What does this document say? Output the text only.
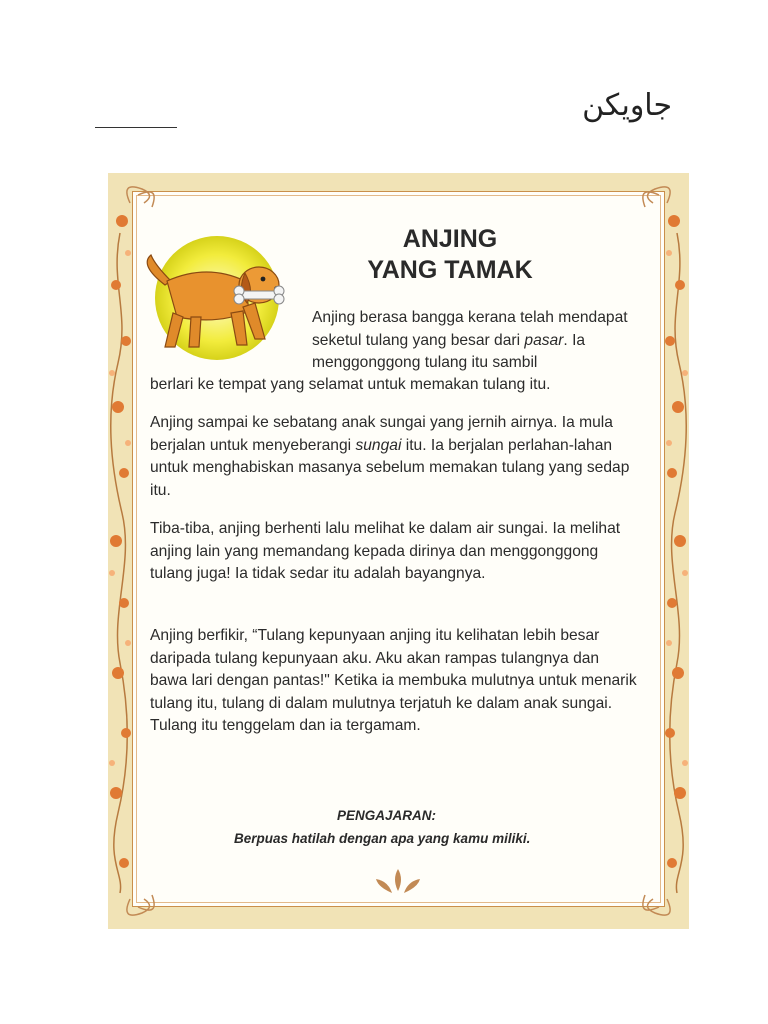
جاويكن
ANJING
YANG TAMAK

Anjing berasa bangga kerana telah mendapat seketul tulang yang besar dari pasar. Ia menggonggong tulang itu sambil

berlari ke tempat yang selamat untuk memakan tulang itu.

Anjing sampai ke sebatang anak sungai yang jernih airnya. Ia mula berjalan untuk menyeberangi sungai itu. Ia berjalan perlahan-lahan untuk menghabiskan masanya sebelum memakan tulang yang sedap itu.

Tiba-tiba, anjing berhenti lalu melihat ke dalam air sungai. Ia melihat anjing lain yang memandang kepada dirinya dan menggonggong tulang juga! Ia tidak sedar itu adalah bayangnya.

Anjing berfikir, “Tulang kepunyaan anjing itu kelihatan lebih besar daripada tulang kepunyaan aku. Aku akan rampas tulangnya dan bawa lari dengan pantas!" Ketika ia membuka mulutnya untuk menarik tulang itu, tulang di dalam mulutnya terjatuh ke dalam anak sungai. Tulang itu tenggelam dan ia tergamam.

PENGAJARAN:
Berpuas hatilah dengan apa yang kamu miliki.
